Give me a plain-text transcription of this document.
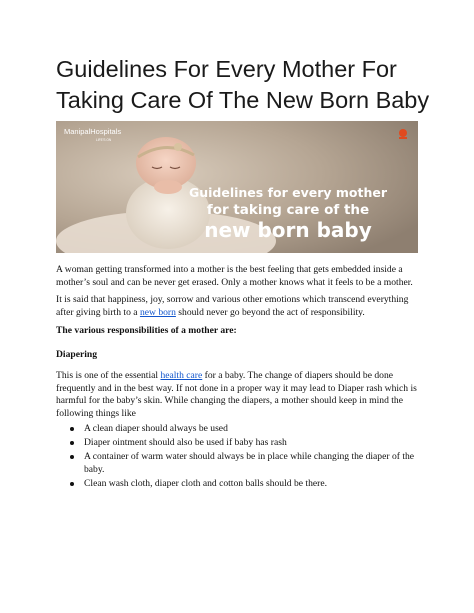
Guidelines For Every Mother For Taking Care Of The New Born Baby
Guidelines for every mother
for taking care of the
new born baby
ManipalHospitals
LIFE'S ON

A woman getting transformed into a mother is the best feeling that gets embedded inside a mother’s soul and can be never get erased. Only a mother knows what it feels to be a mother.

It is said that happiness, joy, sorrow and various other emotions which transcend everything after giving birth to a new born should never go beyond the act of responsibility.

The various responsibilities of a mother are:

Diapering

This is one of the essential health care for a baby. The change of diapers should be done frequently and in the best way. If not done in a proper way it may lead to Diaper rash which is harmful for the baby’s skin. While changing the diapers, a mother should keep in mind the following things like

A clean diaper should always be used
Diaper ointment should also be used if baby has rash
A container of warm water should always be in place while changing the diaper of the baby.
Clean wash cloth, diaper cloth and cotton balls should be there.
